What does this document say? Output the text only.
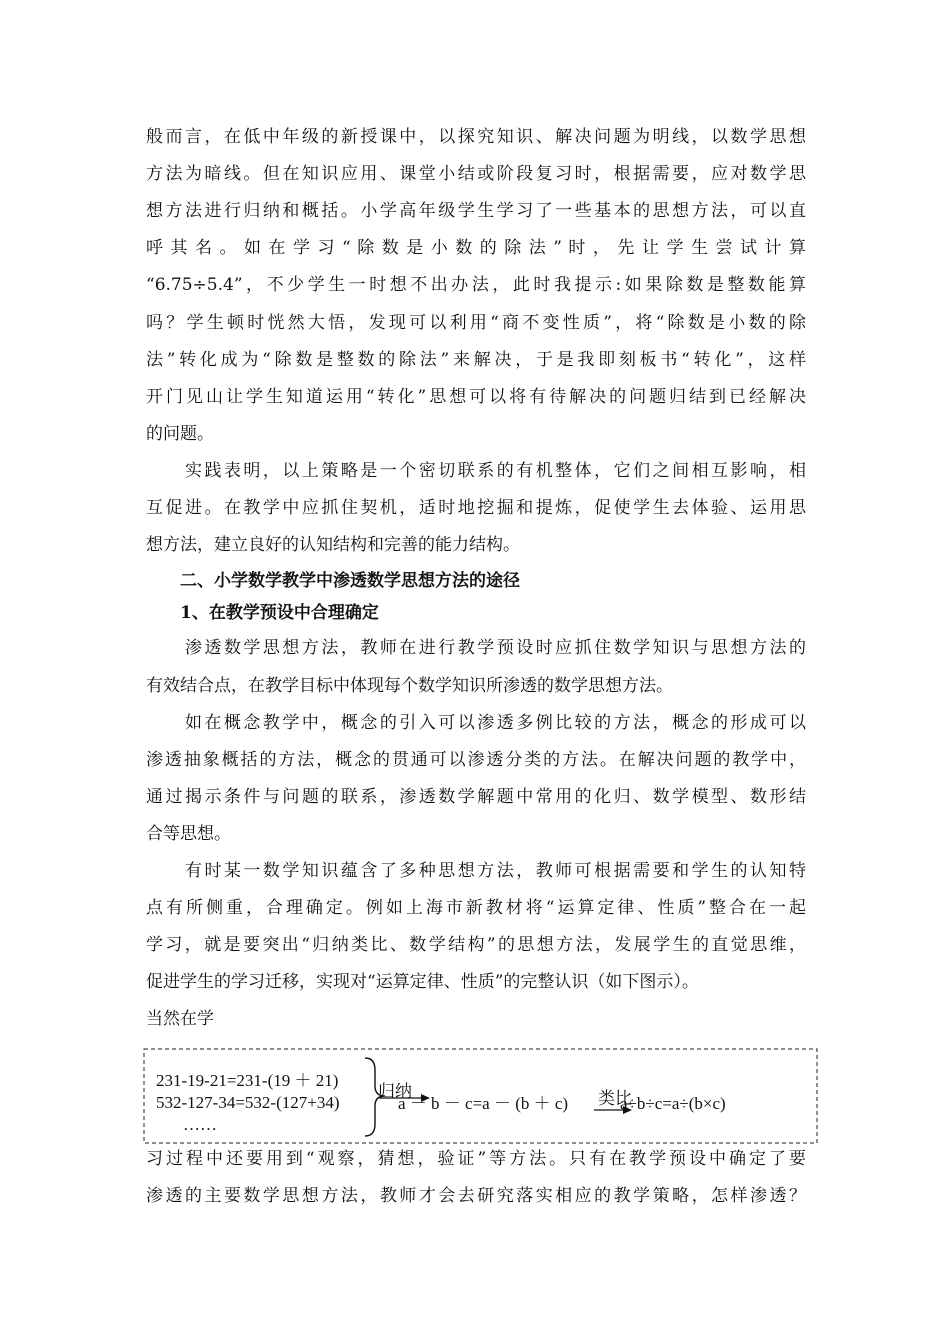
般而言，在低中年级的新授课中，以探究知识、解决问题为明线，以数学思想
方法为暗线。但在知识应用、课堂小结或阶段复习时，根据需要，应对数学思
想方法进行归纳和概括。小学高年级学生学习了一些基本的思想方法，可以直
呼 其 名 。 如 在 学 习 “ 除 数 是 小 数 的 除 法 ” 时 ， 先 让 学 生 尝 试 计 算
“6.75÷5.4”，不少学生一时想不出办法，此时我提示:如果除数是整数能算
吗？学生顿时恍然大悟，发现可以利用“商不变性质”，将“除数是小数的除
法”转化成为“除数是整数的除法”来解决，于是我即刻板书“转化”，这样
开门见山让学生知道运用“转化”思想可以将有待解决的问题归结到已经解决
的问题。
　　实践表明，以上策略是一个密切联系的有机整体，它们之间相互影响，相
互促进。在教学中应抓住契机，适时地挖掘和提炼，促使学生去体验、运用思
想方法，建立良好的认知结构和完善的能力结构。
　　二、小学数学教学中渗透数学思想方法的途径
　　1、在教学预设中合理确定
　　渗透数学思想方法，教师在进行教学预设时应抓住数学知识与思想方法的
有效结合点，在教学目标中体现每个数学知识所渗透的数学思想方法。
　　如在概念教学中，概念的引入可以渗透多例比较的方法，概念的形成可以
渗透抽象概括的方法，概念的贯通可以渗透分类的方法。在解决问题的教学中，
通过揭示条件与问题的联系，渗透数学解题中常用的化归、数学模型、数形结
合等思想。
　　有时某一数学知识蕴含了多种思想方法，教师可根据需要和学生的认知特
点有所侧重，合理确定。例如上海市新教材将“运算定律、性质”整合在一起
学习，就是要突出“归纳类比、数学结构”的思想方法，发展学生的直觉思维，
促进学生的学习迁移，实现对“运算定律、性质”的完整认识（如下图示）。
当然在学
习过程中还要用到“观察，猜想，验证”等方法。只有在教学预设中确定了要
渗透的主要数学思想方法，教师才会去研究落实相应的教学策略，怎样渗透？
231-19-21=231-(19 ＋ 21)
532-127-34=532-(127+34)
……
归纳
a － b － c=a － (b ＋ c) 类比
a÷b÷c=a÷(b×c)
